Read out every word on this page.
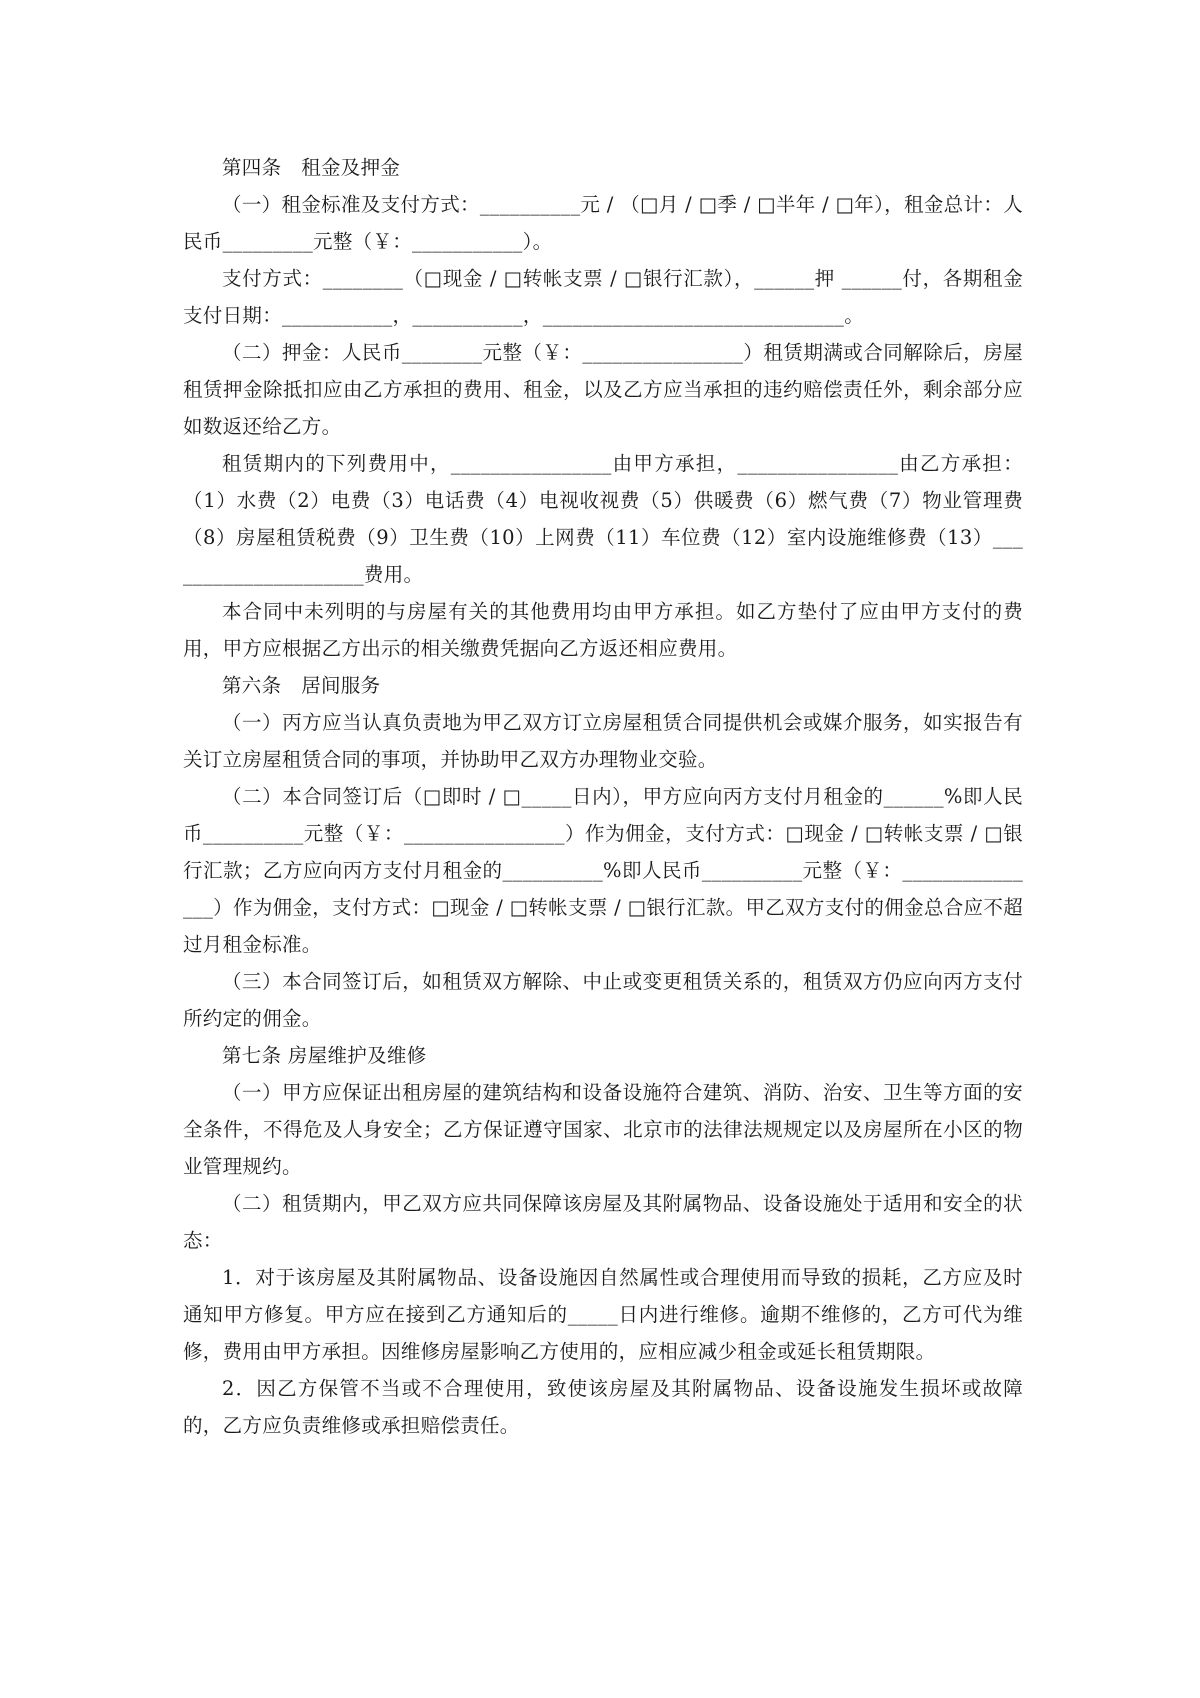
第四条　租金及押金

（一）租金标准及支付方式：__________元 / （□月 / □季 / □半年 / □年），租金总计：人民币_________元整（￥：___________）。

支付方式：________（□现金 / □转帐支票 / □银行汇款），______押 ______付，各期租金支付日期：___________，___________，______________________________。

（二）押金：人民币________元整（￥：________________）租赁期满或合同解除后，房屋租赁押金除抵扣应由乙方承担的费用、租金，以及乙方应当承担的违约赔偿责任外，剩余部分应如数返还给乙方。

租赁期内的下列费用中，________________由甲方承担，________________由乙方承担：（1）水费（2）电费（3）电话费（4）电视收视费（5）供暖费（6）燃气费（7）物业管理费（8）房屋租赁税费（9）卫生费（10）上网费（11）车位费（12）室内设施维修费（13）_____________________费用。

本合同中未列明的与房屋有关的其他费用均由甲方承担。如乙方垫付了应由甲方支付的费用，甲方应根据乙方出示的相关缴费凭据向乙方返还相应费用。

第六条　居间服务

（一）丙方应当认真负责地为甲乙双方订立房屋租赁合同提供机会或媒介服务，如实报告有关订立房屋租赁合同的事项，并协助甲乙双方办理物业交验。

（二）本合同签订后（□即时 / □_____日内），甲方应向丙方支付月租金的______%即人民币__________元整（￥：________________）作为佣金，支付方式：□现金 / □转帐支票 / □银行汇款；乙方应向丙方支付月租金的__________%即人民币__________元整（￥：_______________）作为佣金，支付方式：□现金 / □转帐支票 / □银行汇款。甲乙双方支付的佣金总合应不超过月租金标准。

（三）本合同签订后，如租赁双方解除、中止或变更租赁关系的，租赁双方仍应向丙方支付所约定的佣金。

第七条 房屋维护及维修

（一）甲方应保证出租房屋的建筑结构和设备设施符合建筑、消防、治安、卫生等方面的安全条件，不得危及人身安全；乙方保证遵守国家、北京市的法律法规规定以及房屋所在小区的物业管理规约。

（二）租赁期内，甲乙双方应共同保障该房屋及其附属物品、设备设施处于适用和安全的状态：

1．对于该房屋及其附属物品、设备设施因自然属性或合理使用而导致的损耗，乙方应及时通知甲方修复。甲方应在接到乙方通知后的_____日内进行维修。逾期不维修的，乙方可代为维修，费用由甲方承担。因维修房屋影响乙方使用的，应相应减少租金或延长租赁期限。

2．因乙方保管不当或不合理使用，致使该房屋及其附属物品、设备设施发生损坏或故障的，乙方应负责维修或承担赔偿责任。
